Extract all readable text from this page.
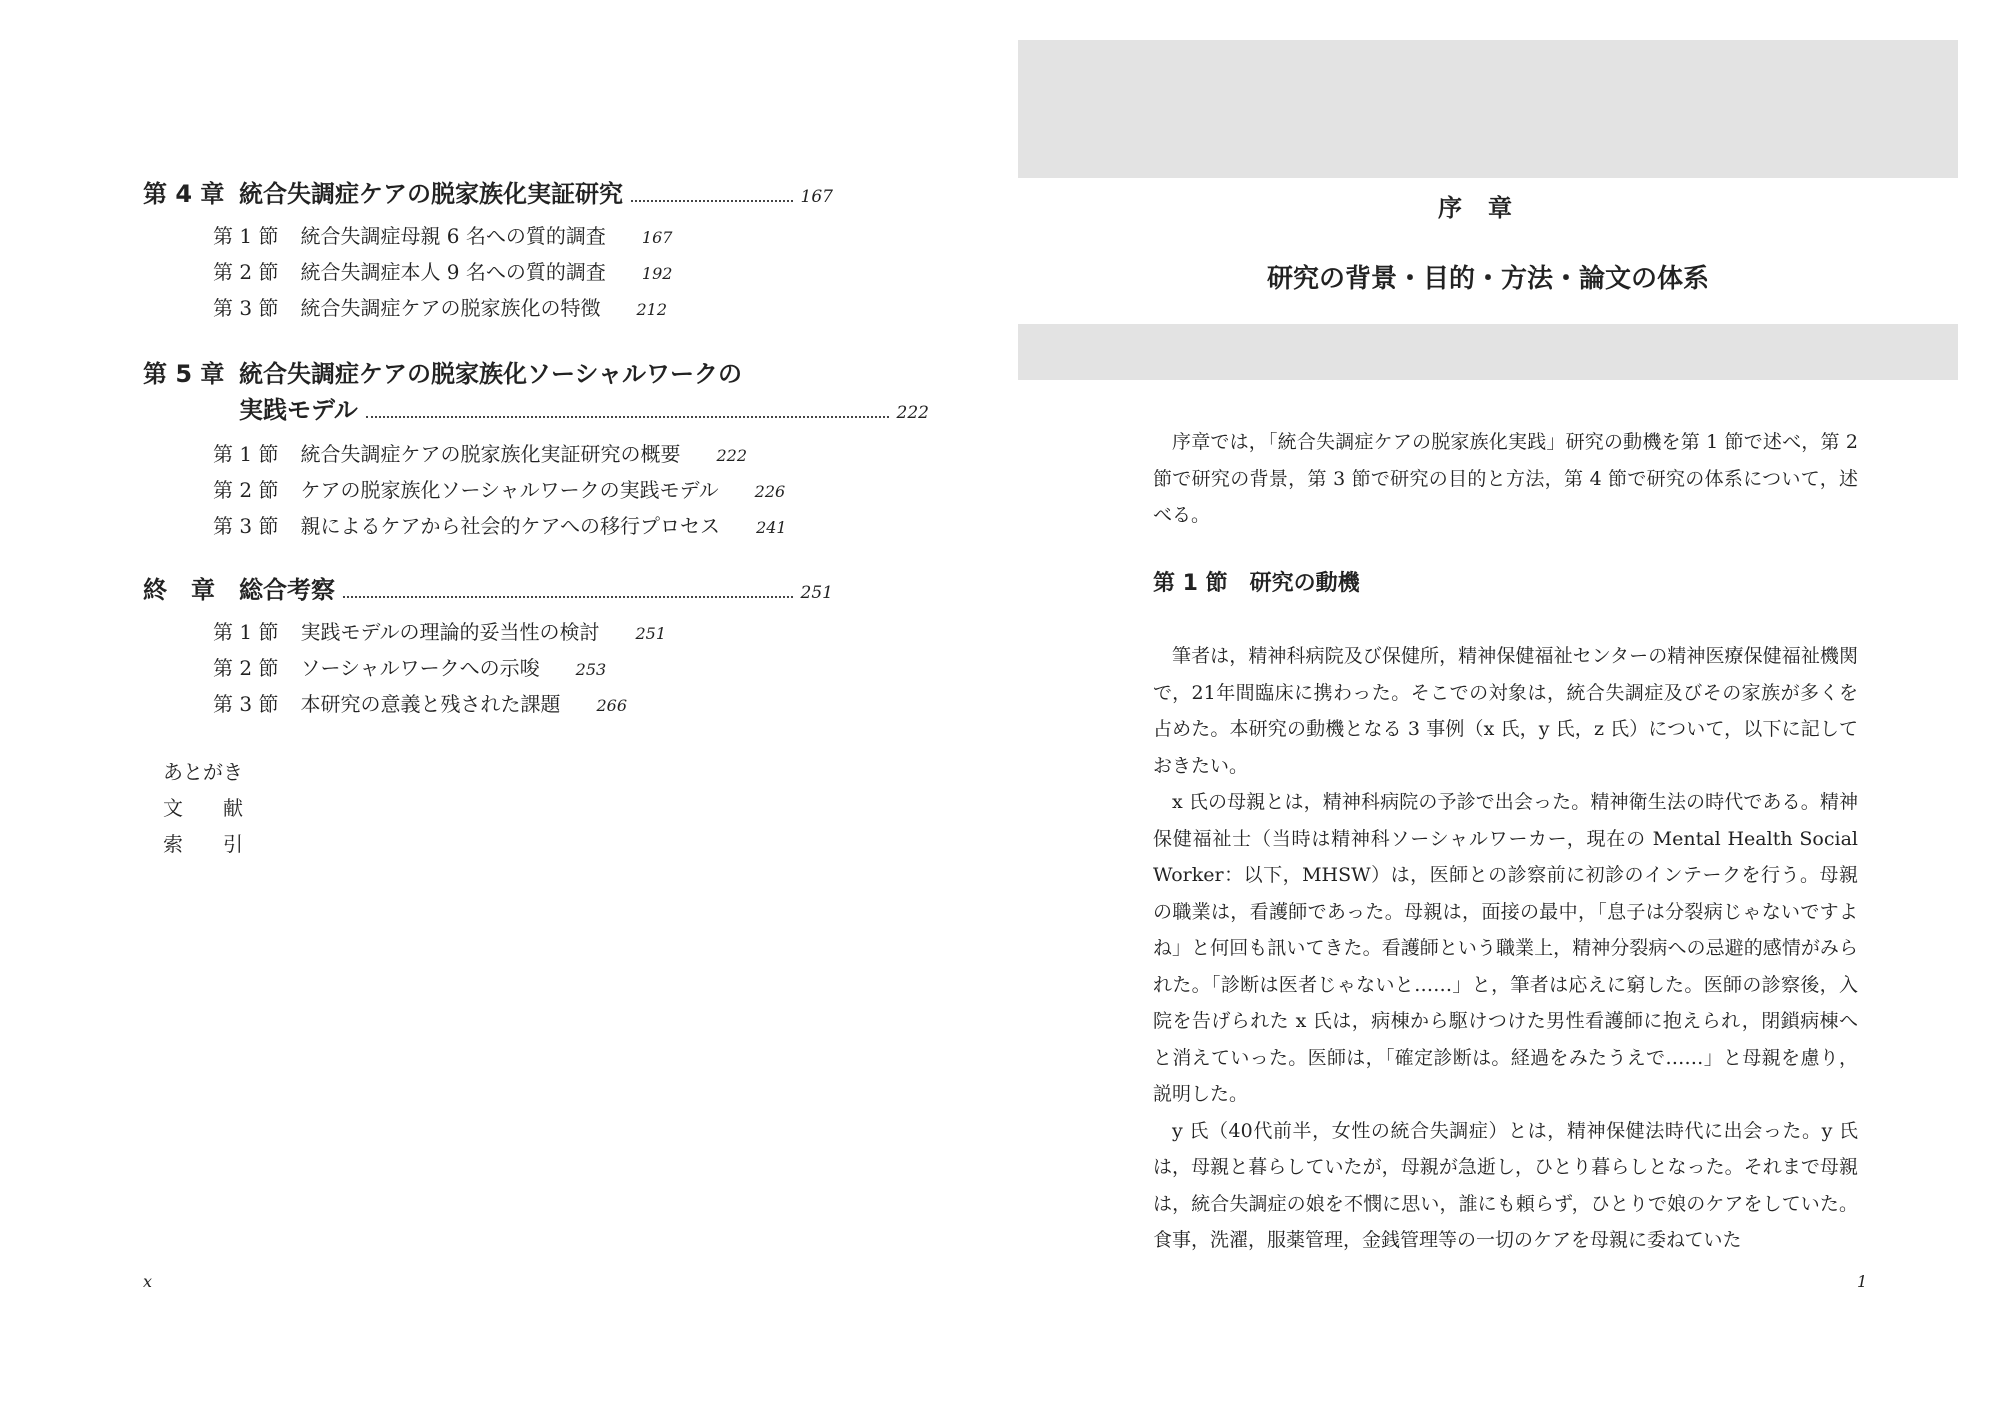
第 4 章 統合失調症ケアの脱家族化実証研究	167
第 1 節 統合失調症母親 6 名への質的調査 167
第 2 節 統合失調症本人 9 名への質的調査 192
第 3 節 統合失調症ケアの脱家族化の特徴 212
第 5 章 統合失調症ケアの脱家族化ソーシャルワークの
実践モデル	222
第 1 節 統合失調症ケアの脱家族化実証研究の概要 222
第 2 節 ケアの脱家族化ソーシャルワークの実践モデル 226
第 3 節 親によるケアから社会的ケアへの移行プロセス 241
終　章	総合考察	251
第 1 節 実践モデルの理論的妥当性の検討 251
第 2 節 ソーシャルワークへの示唆 253
第 3 節 本研究の意義と残された課題 266
あとがき
文　　献
索　　引
x
序章
研究の背景・目的・方法・論文の体系

序章では，「統合失調症ケアの脱家族化実践」研究の動機を第 1 節で述べ，第 2 節で研究の背景，第 3 節で研究の目的と方法，第 4 節で研究の体系について，述べる。

第 1 節　研究の動機

筆者は，精神科病院及び保健所，精神保健福祉センターの精神医療保健福祉機関で，21年間臨床に携わった。そこでの対象は，統合失調症及びその家族が多くを占めた。本研究の動機となる 3 事例（x 氏，y 氏，z 氏）について，以下に記しておきたい。

x 氏の母親とは，精神科病院の予診で出会った。精神衛生法の時代である。精神保健福祉士（当時は精神科ソーシャルワーカー，現在の Mental Health Social Worker：以下，MHSW）は，医師との診察前に初診のインテークを行う。母親の職業は，看護師であった。母親は，面接の最中，「息子は分裂病じゃないですよね」と何回も訊いてきた。看護師という職業上，精神分裂病への忌避的感情がみられた。「診断は医者じゃないと……」と，筆者は応えに窮した。医師の診察後，入院を告げられた x 氏は，病棟から駆けつけた男性看護師に抱えられ，閉鎖病棟へと消えていった。医師は，「確定診断は。経過をみたうえで……」と母親を慮り，説明した。

y 氏（40代前半，女性の統合失調症）とは，精神保健法時代に出会った。y 氏は，母親と暮らしていたが，母親が急逝し，ひとり暮らしとなった。それまで母親は，統合失調症の娘を不憫に思い，誰にも頼らず，ひとりで娘のケアをしていた。食事，洗濯，服薬管理，金銭管理等の一切のケアを母親に委ねていた

1
